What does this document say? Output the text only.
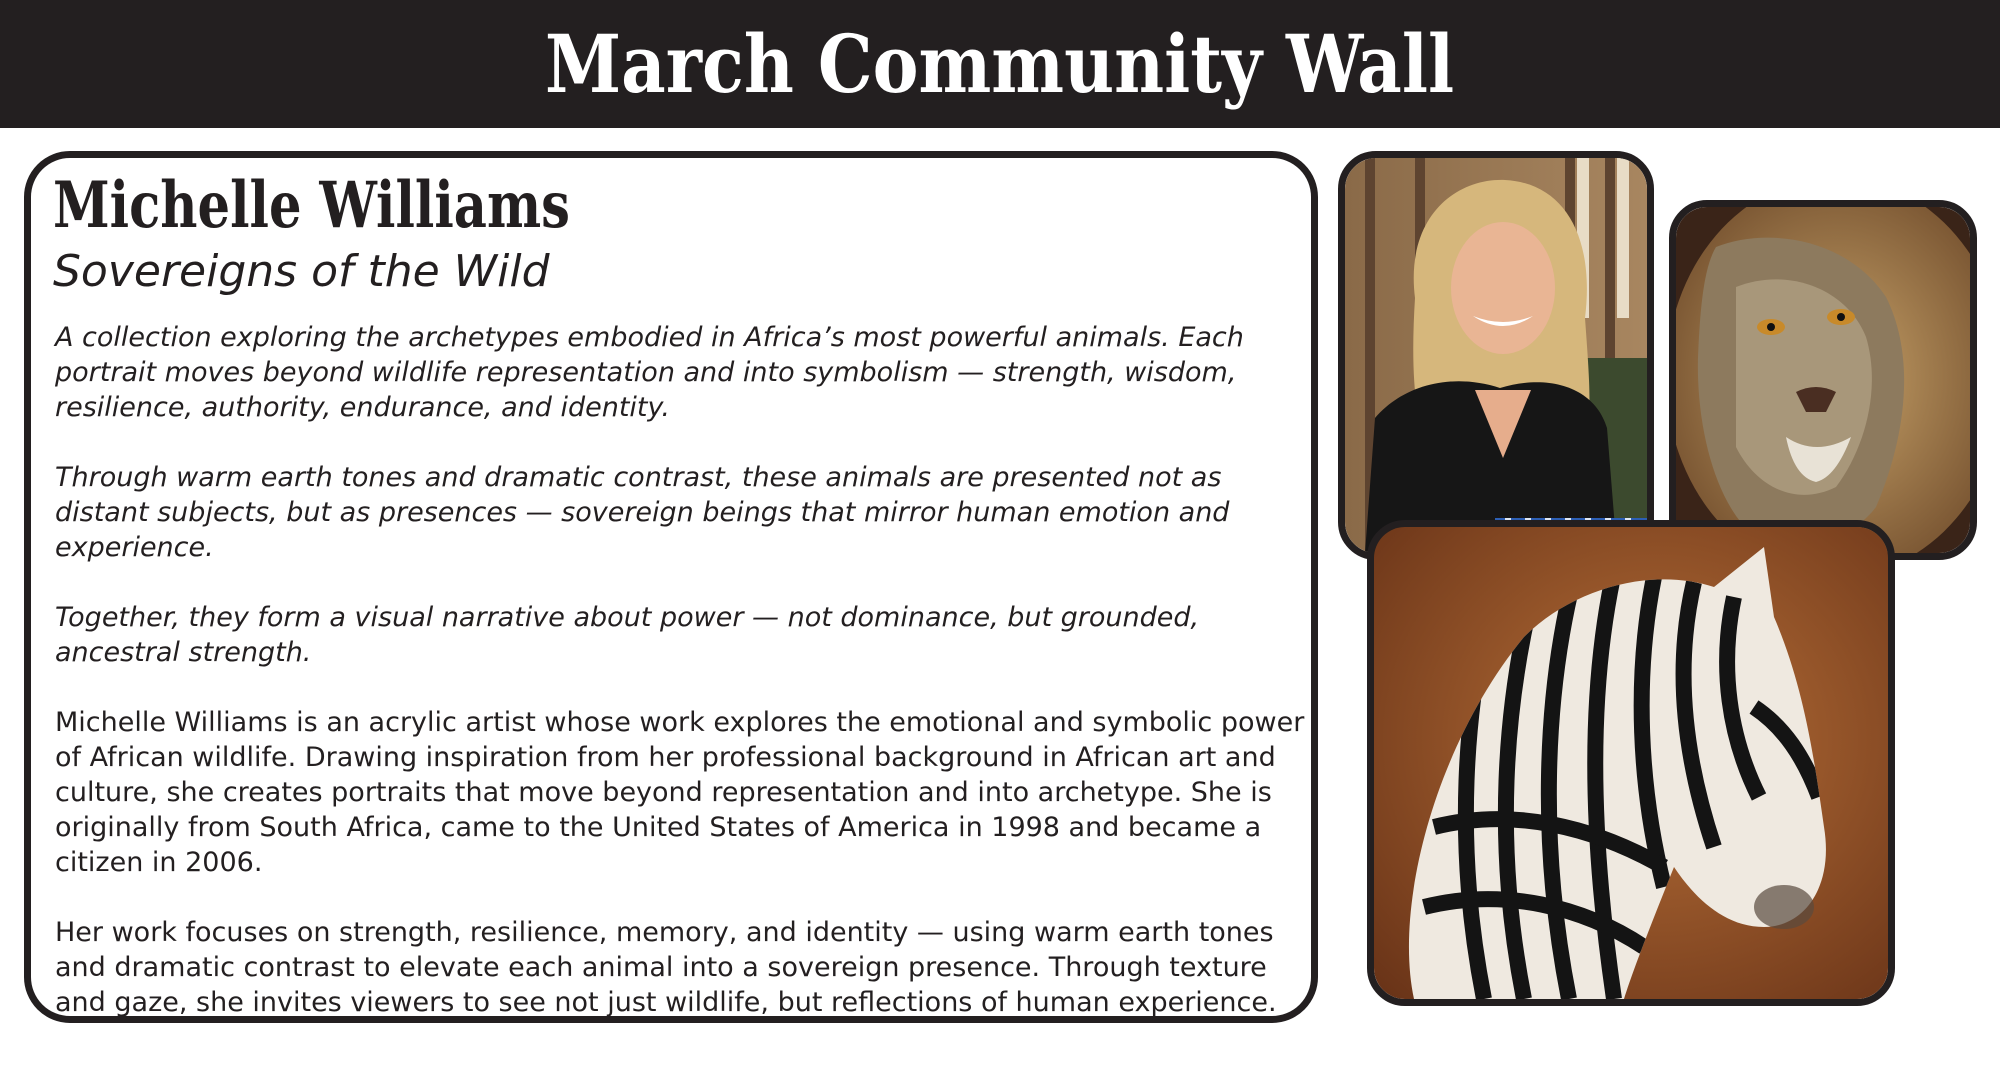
March Community Wall
Michelle Williams
Sovereigns of the Wild

A collection exploring the archetypes embodied in Africa’s most powerful animals. Each portrait moves beyond wildlife representation and into symbolism — strength, wisdom, resilience, authority, endurance, and identity.

Through warm earth tones and dramatic contrast, these animals are presented not as distant subjects, but as presences — sovereign beings that mirror human emotion and experience.

Together, they form a visual narrative about power — not dominance, but grounded, ancestral strength.

Michelle Williams is an acrylic artist whose work explores the emotional and symbolic power of African wildlife. Drawing inspiration from her professional background in African art and culture, she creates portraits that move beyond representation and into archetype. She is originally from South Africa, came to the United States of America in 1998 and became a citizen in 2006.

Her work focuses on strength, resilience, memory, and identity — using warm earth tones and dramatic contrast to elevate each animal into a sovereign presence. Through texture and gaze, she invites viewers to see not just wildlife, but reflections of human experience.
